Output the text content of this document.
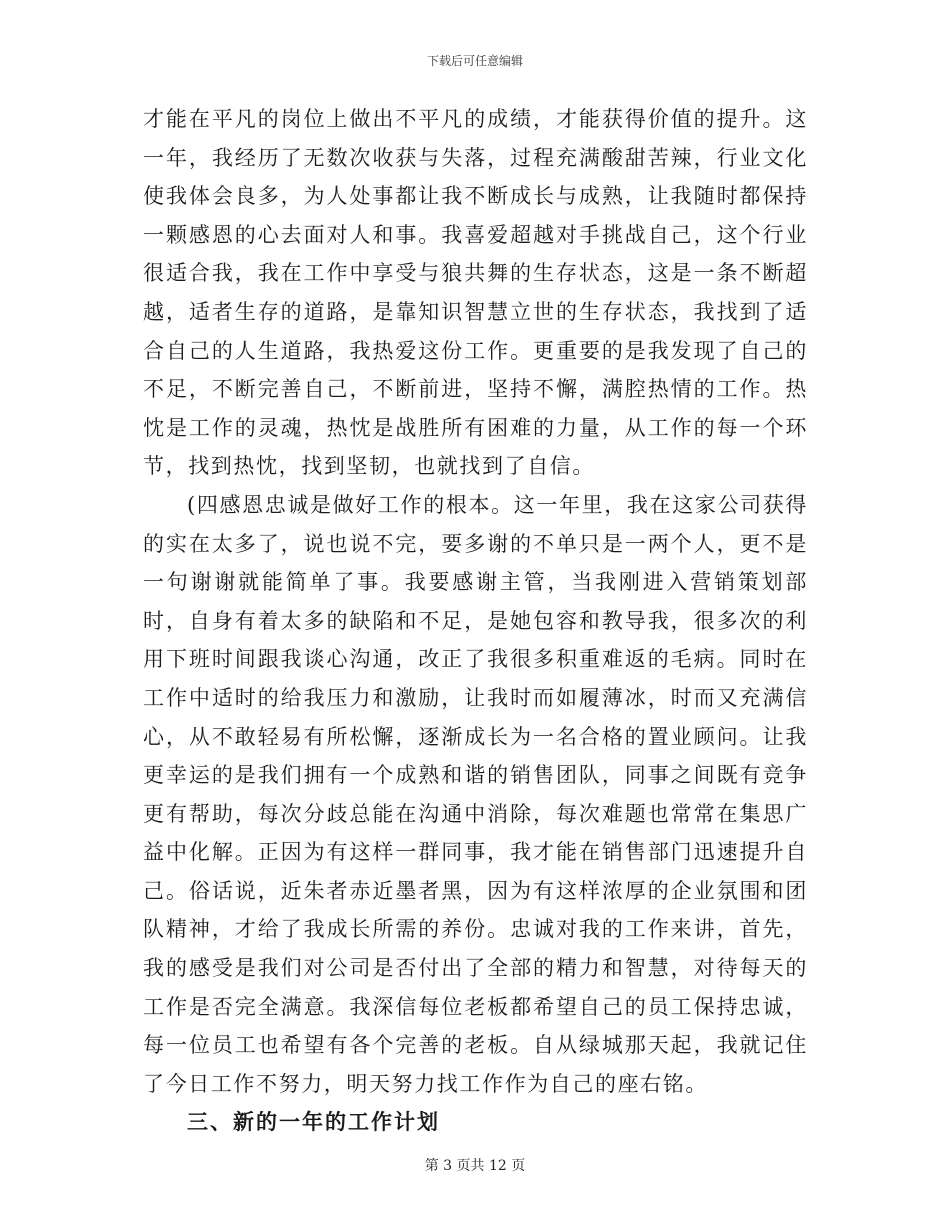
下载后可任意编辑

才能在平凡的岗位上做出不平凡的成绩，才能获得价值的提升。这一年，我经历了无数次收获与失落，过程充满酸甜苦辣，行业文化使我体会良多，为人处事都让我不断成长与成熟，让我随时都保持一颗感恩的心去面对人和事。我喜爱超越对手挑战自己，这个行业很适合我，我在工作中享受与狼共舞的生存状态，这是一条不断超越，适者生存的道路，是靠知识智慧立世的生存状态，我找到了适合自己的人生道路，我热爱这份工作。更重要的是我发现了自己的不足，不断完善自己，不断前进，坚持不懈，满腔热情的工作。热忱是工作的灵魂，热忱是战胜所有困难的力量，从工作的每一个环节，找到热忱，找到坚韧，也就找到了自信。

(四感恩忠诚是做好工作的根本。这一年里，我在这家公司获得的实在太多了，说也说不完，要多谢的不单只是一两个人，更不是一句谢谢就能简单了事。我要感谢主管，当我刚进入营销策划部时，自身有着太多的缺陷和不足，是她包容和教导我，很多次的利用下班时间跟我谈心沟通，改正了我很多积重难返的毛病。同时在工作中适时的给我压力和激励，让我时而如履薄冰，时而又充满信心，从不敢轻易有所松懈，逐渐成长为一名合格的置业顾问。让我更幸运的是我们拥有一个成熟和谐的销售团队，同事之间既有竞争更有帮助，每次分歧总能在沟通中消除，每次难题也常常在集思广益中化解。正因为有这样一群同事，我才能在销售部门迅速提升自己。俗话说，近朱者赤近墨者黑，因为有这样浓厚的企业氛围和团队精神，才给了我成长所需的养份。忠诚对我的工作来讲，首先，我的感受是我们对公司是否付出了全部的精力和智慧，对待每天的工作是否完全满意。我深信每位老板都希望自己的员工保持忠诚，每一位员工也希望有各个完善的老板。自从绿城那天起，我就记住了今日工作不努力，明天努力找工作作为自己的座右铭。

三、新的一年的工作计划

第 3 页共 12 页
